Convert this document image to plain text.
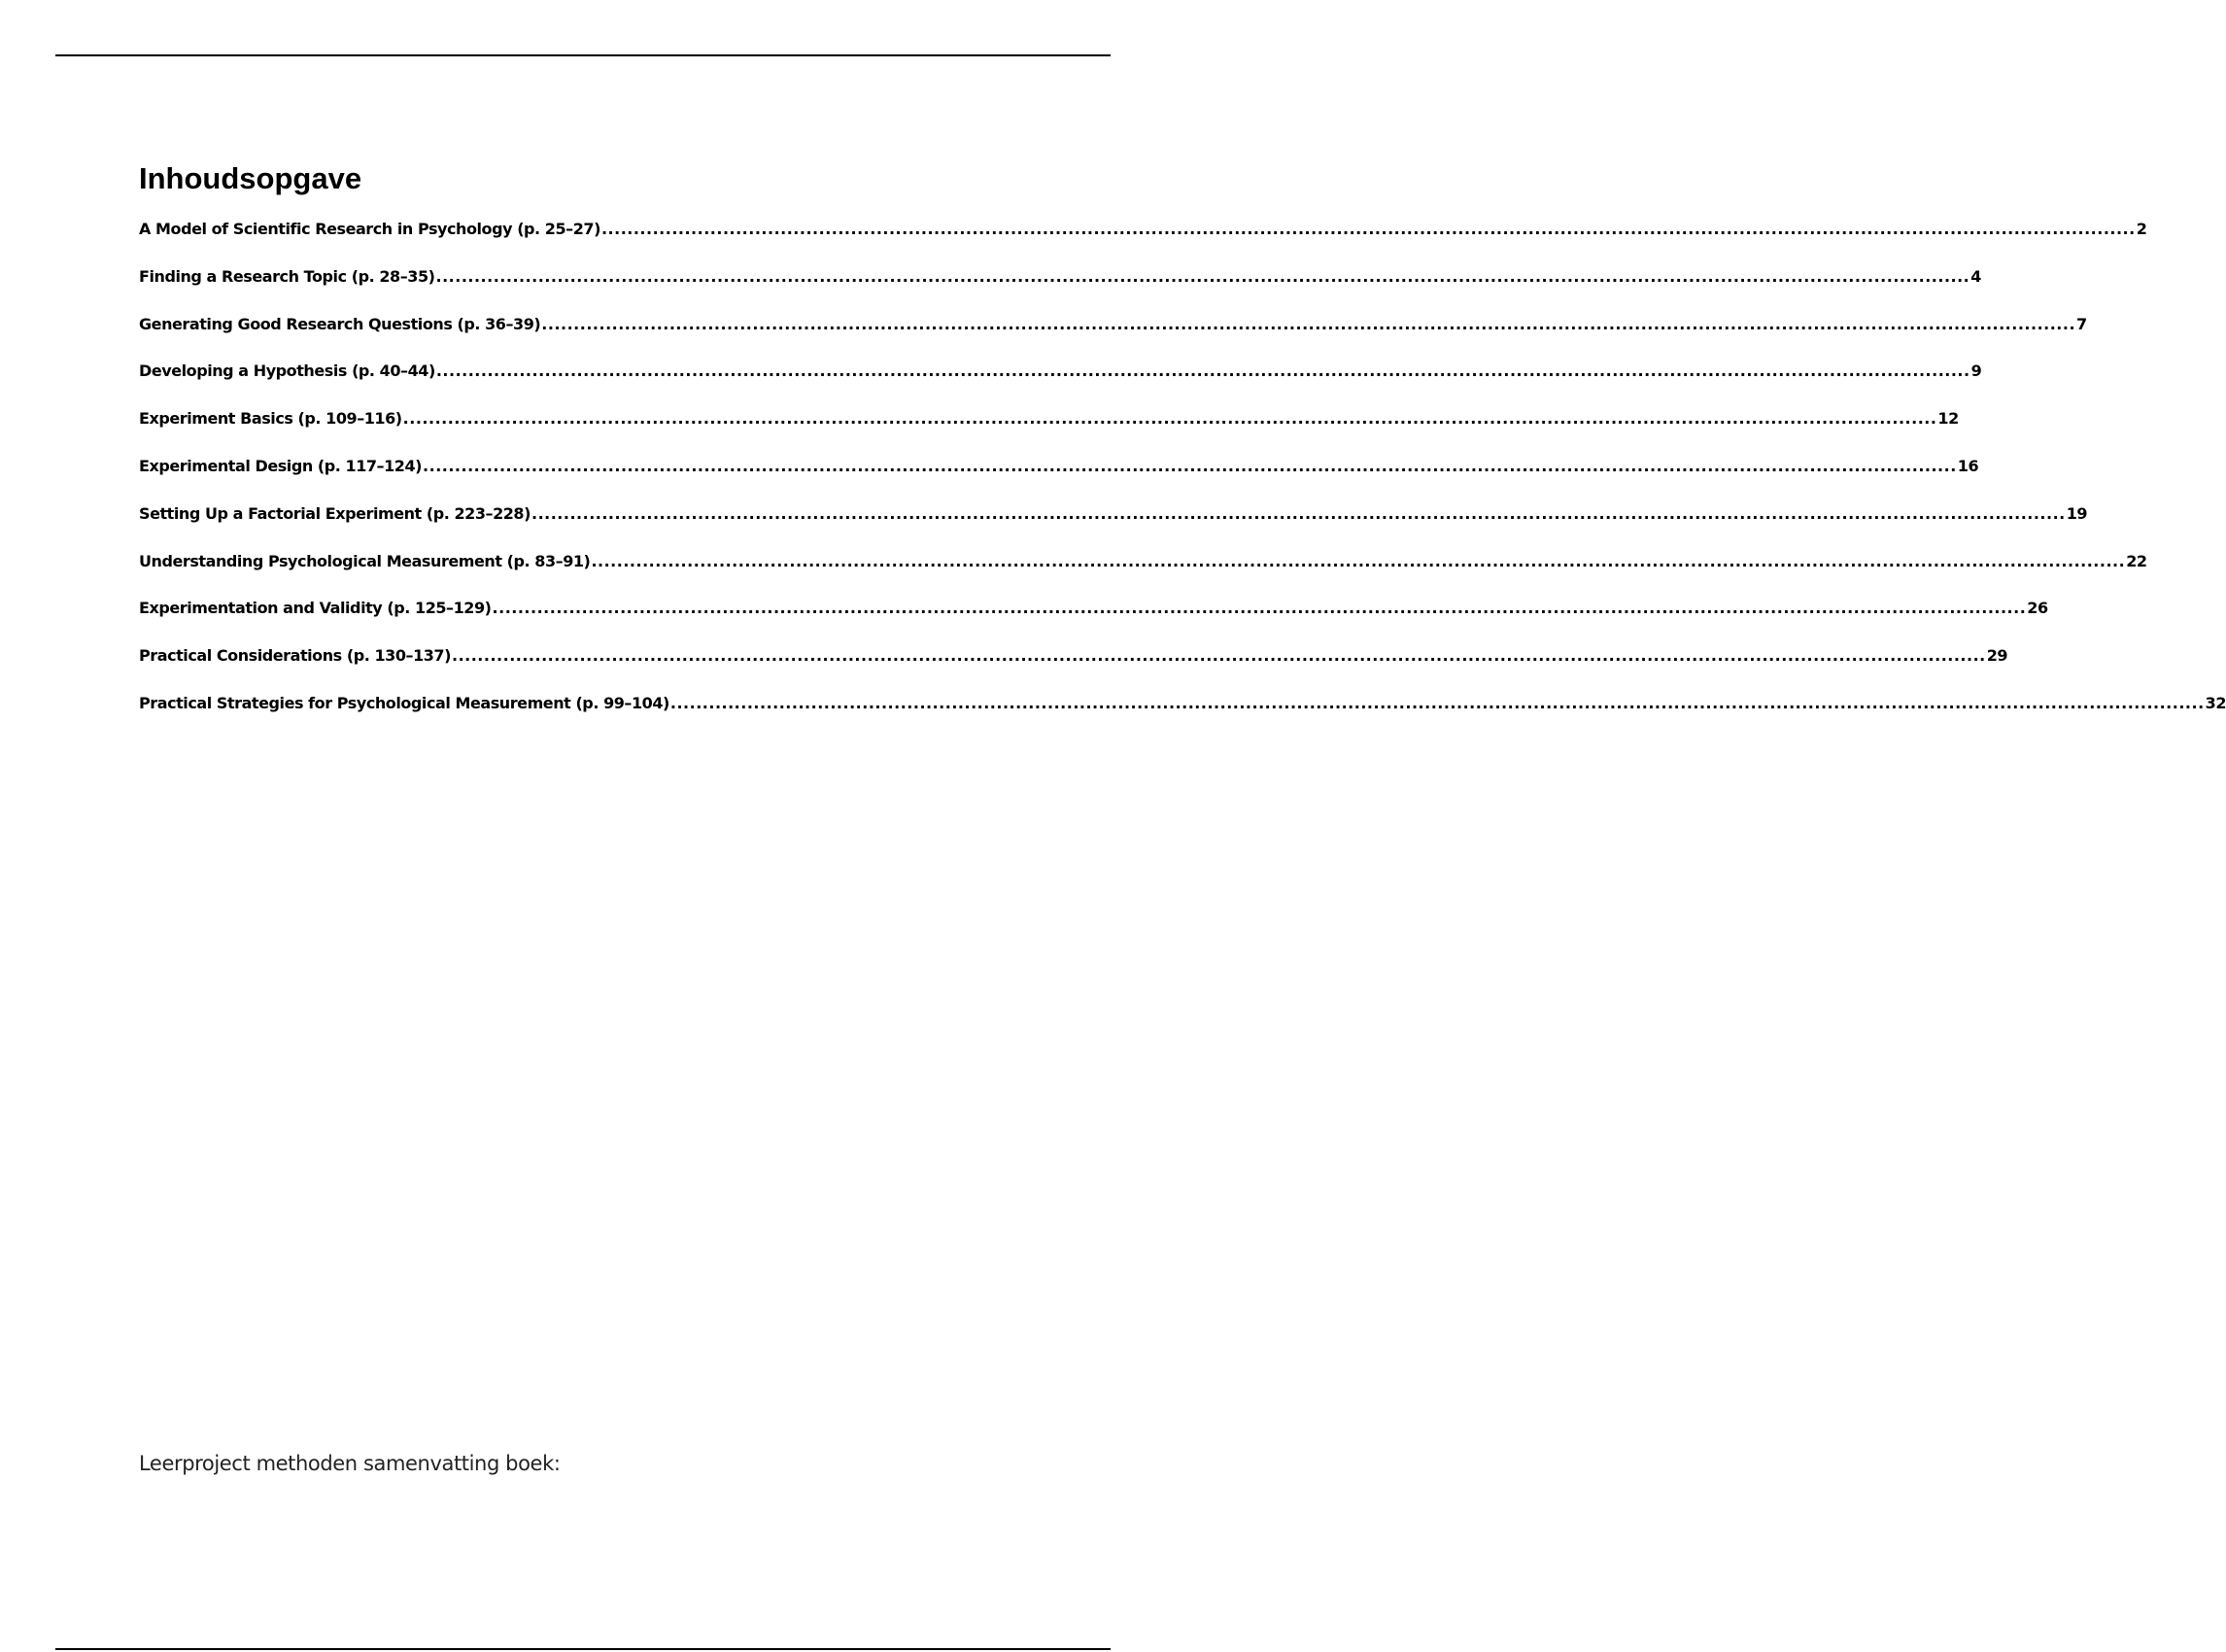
Inhoudsopgave
A Model of Scientific Research in Psychology (p. 25–27) ................................................................................................................................................................................................................................................ 2
Finding a Research Topic (p. 28–35) ................................................................................................................................................................................................................................................ 4
Generating Good Research Questions (p. 36–39) ................................................................................................................................................................................................................................................ 7
Developing a Hypothesis (p. 40–44) ................................................................................................................................................................................................................................................ 9
Experiment Basics (p. 109–116) ................................................................................................................................................................................................................................................ 12
Experimental Design (p. 117–124) ................................................................................................................................................................................................................................................ 16
Setting Up a Factorial Experiment (p. 223–228) ................................................................................................................................................................................................................................................ 19
Understanding Psychological Measurement (p. 83–91) ................................................................................................................................................................................................................................................ 22
Experimentation and Validity (p. 125–129) ................................................................................................................................................................................................................................................ 26
Practical Considerations (p. 130–137) ................................................................................................................................................................................................................................................ 29
Practical Strategies for Psychological Measurement (p. 99–104) ................................................................................................................................................................................................................................................ 32

Leerproject methoden samenvatting boek:
